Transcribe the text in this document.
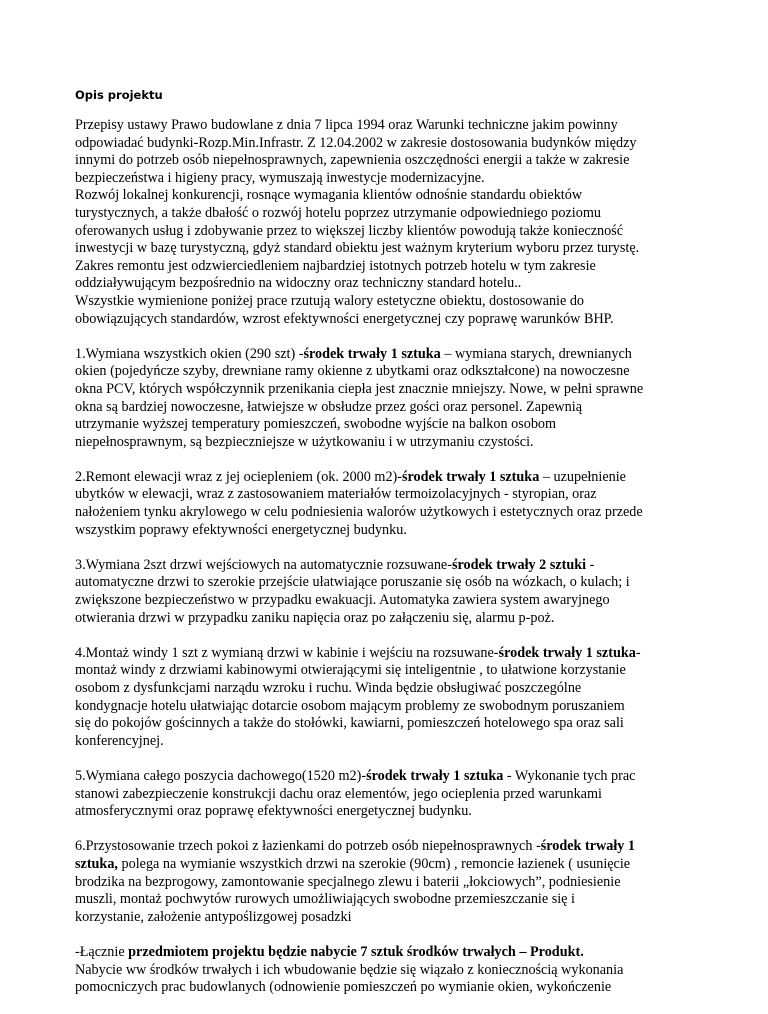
Opis projektu
Przepisy ustawy Prawo budowlane z dnia 7 lipca 1994 oraz Warunki techniczne jakim powinny
odpowiadać budynki-Rozp.Min.Infrastr. Z 12.04.2002 w zakresie dostosowania budynków między
innymi do potrzeb osób niepełnosprawnych, zapewnienia oszczędności energii a także w zakresie
bezpieczeństwa i higieny pracy, wymuszają inwestycje modernizacyjne.
Rozwój lokalnej konkurencji, rosnące wymagania klientów odnośnie standardu obiektów
turystycznych, a także dbałość o rozwój hotelu poprzez utrzymanie odpowiedniego poziomu
oferowanych usług i zdobywanie przez to większej liczby klientów powodują także konieczność
inwestycji w bazę turystyczną, gdyż standard obiektu jest ważnym kryterium wyboru przez turystę.
Zakres remontu jest odzwierciedleniem najbardziej istotnych potrzeb hotelu w tym zakresie
oddziaływującym bezpośrednio na widoczny oraz techniczny standard hotelu..
Wszystkie wymienione poniżej prace rzutują walory estetyczne obiektu, dostosowanie do
obowiązujących standardów, wzrost efektywności energetycznej czy poprawę warunków BHP.
1.Wymiana wszystkich okien (290 szt) -środek trwały 1 sztuka – wymiana starych, drewnianych
okien (pojedyńcze szyby, drewniane ramy okienne z ubytkami oraz odkształcone) na nowoczesne
okna PCV, których współczynnik przenikania ciepła jest znacznie mniejszy. Nowe, w pełni sprawne
okna są bardziej nowoczesne, łatwiejsze w obsłudze przez gości oraz personel. Zapewnią
utrzymanie wyższej temperatury pomieszczeń, swobodne wyjście na balkon osobom
niepełnosprawnym, są bezpieczniejsze w użytkowaniu i w utrzymaniu czystości.
2.Remont elewacji wraz z jej ociepleniem (ok. 2000 m2)-środek trwały 1 sztuka – uzupełnienie
ubytków w elewacji, wraz z zastosowaniem materiałów termoizolacyjnych - styropian, oraz
nałożeniem tynku akrylowego w celu podniesienia walorów użytkowych i estetycznych oraz przede
wszystkim poprawy efektywności energetycznej budynku.
3.Wymiana 2szt drzwi wejściowych na automatycznie rozsuwane-środek trwały 2 sztuki -
automatyczne drzwi to szerokie przejście ułatwiające poruszanie się osób na wózkach, o kulach; i
zwiększone bezpieczeństwo w przypadku ewakuacji. Automatyka zawiera system awaryjnego
otwierania drzwi w przypadku zaniku napięcia oraz po załączeniu się, alarmu p-poż.
4.Montaż windy 1 szt z wymianą drzwi w kabinie i wejściu na rozsuwane-środek trwały 1 sztuka-
montaż windy z drzwiami kabinowymi otwierającymi się inteligentnie , to ułatwione korzystanie
osobom z dysfunkcjami narządu wzroku i ruchu. Winda będzie obsługiwać poszczególne
kondygnacje hotelu ułatwiając dotarcie osobom mającym problemy ze swobodnym poruszaniem
się do pokojów gościnnych a także do stołówki, kawiarni, pomieszczeń hotelowego spa oraz sali
konferencyjnej.
5.Wymiana całego poszycia dachowego(1520 m2)-środek trwały 1 sztuka - Wykonanie tych prac
stanowi zabezpieczenie konstrukcji dachu oraz elementów, jego ocieplenia przed warunkami
atmosferycznymi oraz poprawę efektywności energetycznej budynku.
6.Przystosowanie trzech pokoi z łazienkami do potrzeb osób niepełnosprawnych -środek trwały 1
sztuka, polega na wymianie wszystkich drzwi na szerokie (90cm) , remoncie łazienek ( usunięcie
brodzika na bezprogowy, zamontowanie specjalnego zlewu i baterii „łokciowych”, podniesienie
muszli, montaż pochwytów rurowych umożliwiających swobodne przemieszczanie się i
korzystanie, założenie antypoślizgowej posadzki
-Łącznie przedmiotem projektu będzie nabycie 7 sztuk środków trwałych – Produkt.
Nabycie ww środków trwałych i ich wbudowanie będzie się wiązało z koniecznością wykonania
pomocniczych prac budowlanych (odnowienie pomieszczeń po wymianie okien, wykończenie
